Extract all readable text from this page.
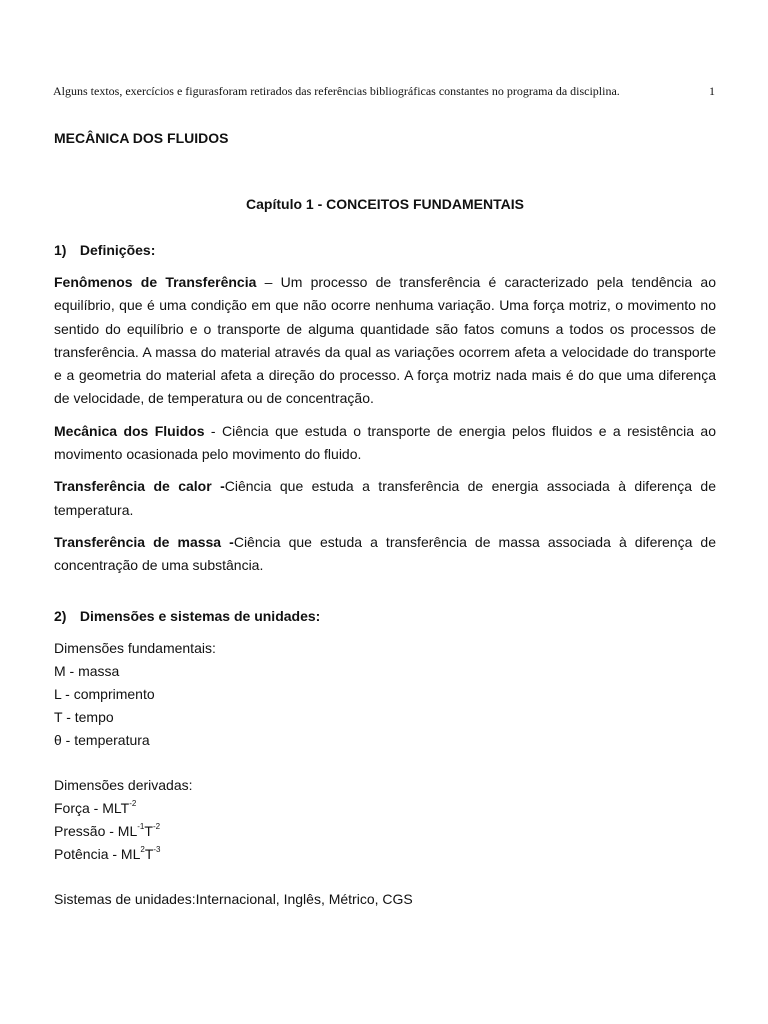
Alguns textos, exercícios e figurasforam retirados das referências bibliográficas constantes no programa da disciplina.	1
MECÂNICA DOS FLUIDOS
Capítulo 1 - CONCEITOS FUNDAMENTAIS
1) Definições:

Fenômenos de Transferência – Um processo de transferência é caracterizado pela tendência ao equilíbrio, que é uma condição em que não ocorre nenhuma variação. Uma força motriz, o movimento no sentido do equilíbrio e o transporte de alguma quantidade são fatos comuns a todos os processos de transferência. A massa do material através da qual as variações ocorrem afeta a velocidade do transporte e a geometria do material afeta a direção do processo. A força motriz nada mais é do que uma diferença de velocidade, de temperatura ou de concentração.

Mecânica dos Fluidos - Ciência que estuda o transporte de energia pelos fluidos e a resistência ao movimento ocasionada pelo movimento do fluido.

Transferência de calor -Ciência que estuda a transferência de energia associada à diferença de temperatura.

Transferência de massa -Ciência que estuda a transferência de massa associada à diferença de concentração de uma substância.

2) Dimensões e sistemas de unidades:
Dimensões fundamentais:
M - massa
L - comprimento
T - tempo
θ - temperatura
Dimensões derivadas:
Força - $MLT^{-2}$
Pressão - $ML^{-1}T^{-2}$
Potência - $ML^2T^{-3}$
Sistemas de unidades:Internacional, Inglês, Métrico, CGS
